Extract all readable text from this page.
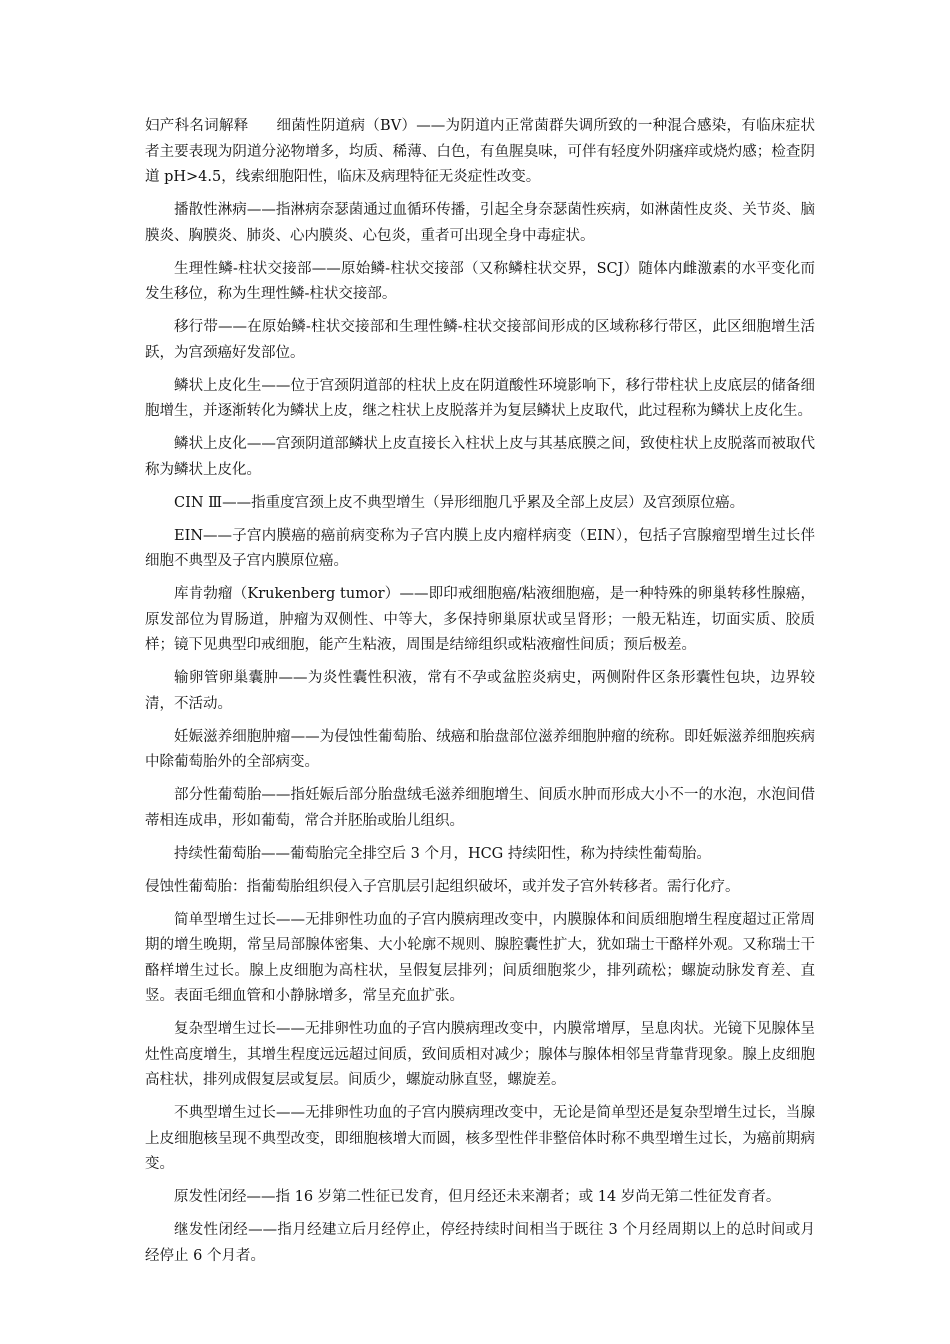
妇产科名词解释 细菌性阴道病（BV）——为阴道内正常菌群失调所致的一种混合感染，有临床症状者主要表现为阴道分泌物增多，均质、稀薄、白色，有鱼腥臭味，可伴有轻度外阴瘙痒或烧灼感；检查阴道 pH>4.5，线索细胞阳性，临床及病理特征无炎症性改变。

播散性淋病——指淋病奈瑟菌通过血循环传播，引起全身奈瑟菌性疾病，如淋菌性皮炎、关节炎、脑膜炎、胸膜炎、肺炎、心内膜炎、心包炎，重者可出现全身中毒症状。

生理性鳞-柱状交接部——原始鳞-柱状交接部（又称鳞柱状交界，SCJ）随体内雌激素的水平变化而发生移位，称为生理性鳞-柱状交接部。

移行带——在原始鳞-柱状交接部和生理性鳞-柱状交接部间形成的区域称移行带区，此区细胞增生活跃，为宫颈癌好发部位。

鳞状上皮化生——位于宫颈阴道部的柱状上皮在阴道酸性环境影响下，移行带柱状上皮底层的储备细胞增生，并逐渐转化为鳞状上皮，继之柱状上皮脱落并为复层鳞状上皮取代，此过程称为鳞状上皮化生。

鳞状上皮化——宫颈阴道部鳞状上皮直接长入柱状上皮与其基底膜之间，致使柱状上皮脱落而被取代称为鳞状上皮化。

CIN Ⅲ——指重度宫颈上皮不典型增生（异形细胞几乎累及全部上皮层）及宫颈原位癌。

EIN——子宫内膜癌的癌前病变称为子宫内膜上皮内瘤样病变（EIN），包括子宫腺瘤型增生过长伴细胞不典型及子宫内膜原位癌。

库肯勃瘤（Krukenberg tumor）——即印戒细胞癌/粘液细胞癌，是一种特殊的卵巢转移性腺癌，原发部位为胃肠道，肿瘤为双侧性、中等大，多保持卵巢原状或呈肾形；一般无粘连，切面实质、胶质样；镜下见典型印戒细胞，能产生粘液，周围是结缔组织或粘液瘤性间质；预后极差。

输卵管卵巢囊肿——为炎性囊性积液，常有不孕或盆腔炎病史，两侧附件区条形囊性包块，边界较清，不活动。

妊娠滋养细胞肿瘤——为侵蚀性葡萄胎、绒癌和胎盘部位滋养细胞肿瘤的统称。即妊娠滋养细胞疾病中除葡萄胎外的全部病变。

部分性葡萄胎——指妊娠后部分胎盘绒毛滋养细胞增生、间质水肿而形成大小不一的水泡，水泡间借蒂相连成串，形如葡萄，常合并胚胎或胎儿组织。

持续性葡萄胎——葡萄胎完全排空后 3 个月，HCG 持续阳性，称为持续性葡萄胎。

侵蚀性葡萄胎：指葡萄胎组织侵入子宫肌层引起组织破坏，或并发子宫外转移者。需行化疗。

简单型增生过长——无排卵性功血的子宫内膜病理改变中，内膜腺体和间质细胞增生程度超过正常周期的增生晚期，常呈局部腺体密集、大小轮廓不规则、腺腔囊性扩大，犹如瑞士干酪样外观。又称瑞士干酪样增生过长。腺上皮细胞为高柱状，呈假复层排列；间质细胞浆少，排列疏松；螺旋动脉发育差、直竖。表面毛细血管和小静脉增多，常呈充血扩张。

复杂型增生过长——无排卵性功血的子宫内膜病理改变中，内膜常增厚，呈息肉状。光镜下见腺体呈灶性高度增生，其增生程度远远超过间质，致间质相对减少；腺体与腺体相邻呈背靠背现象。腺上皮细胞高柱状，排列成假复层或复层。间质少，螺旋动脉直竖，螺旋差。

不典型增生过长——无排卵性功血的子宫内膜病理改变中，无论是简单型还是复杂型增生过长，当腺上皮细胞核呈现不典型改变，即细胞核增大而圆，核多型性伴非整倍体时称不典型增生过长，为癌前期病变。

原发性闭经——指 16 岁第二性征已发育，但月经还未来潮者；或 14 岁尚无第二性征发育者。

继发性闭经——指月经建立后月经停止，停经持续时间相当于既往 3 个月经周期以上的总时间或月经停止 6 个月者。
